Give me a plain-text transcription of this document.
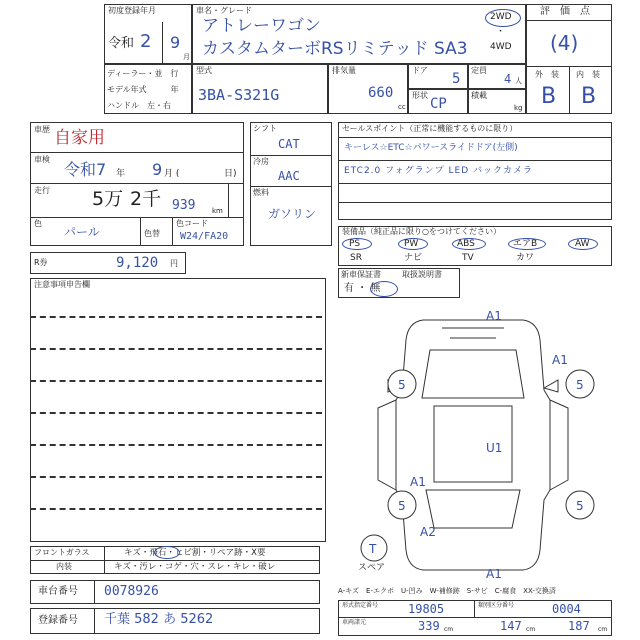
初度登録年月
令和 2 9
月
車名・グレード
アトレーワゴン
カスタムターボRSリミテッド SA3
2WD
・
4WD
評　価　点
(4)
外　装 内　装
B B
ディーラー・並　行
モデル年式　　　年
ハンドル　左・右
型式
3BA-S321G
排気量
660
cc
ドア
5
定員
4 人
形状
CP
積載
kg
車歴 自家用
車検
令和7 年 9 月 (	日)
走行 5万 2千 939 km
色
パール	色替
色コード
W24/FA20
シフト
CAT
冷房
AAC
燃料
ガソリン
R券	9,120 円
セールスポイント（正常に機能するものに限り）
キーレス☆ETC☆パワースライドドア(左側)
ETC2.0 フォグランプ LED バックカメラ
装備品（純正品に限り○をつけてください）
PS	PW	ABS	エアB	AW
SR	ナビ	TV	カワ
新車保証書
有 ・ 無
取扱説明書
注意事項申告欄
フロントガラス	キズ・飛石・ヒビ割・リペア跡・X要
内装	キズ・汚レ・コゲ・穴・スレ・キレ・破レ
車台番号 0078926
登録番号 千葉 582 あ 5262
A-キズ　E-エクボ　U-凹み　W-補修跡　S-サビ　C-腐食　XX-交換済
形式指定番号 19805	類別区分番号	0004
車両諸元	339 cm	147 cm	187 cm
5	5
5	5
T
スペア
A1
A1
U1
A1
A2
A1
